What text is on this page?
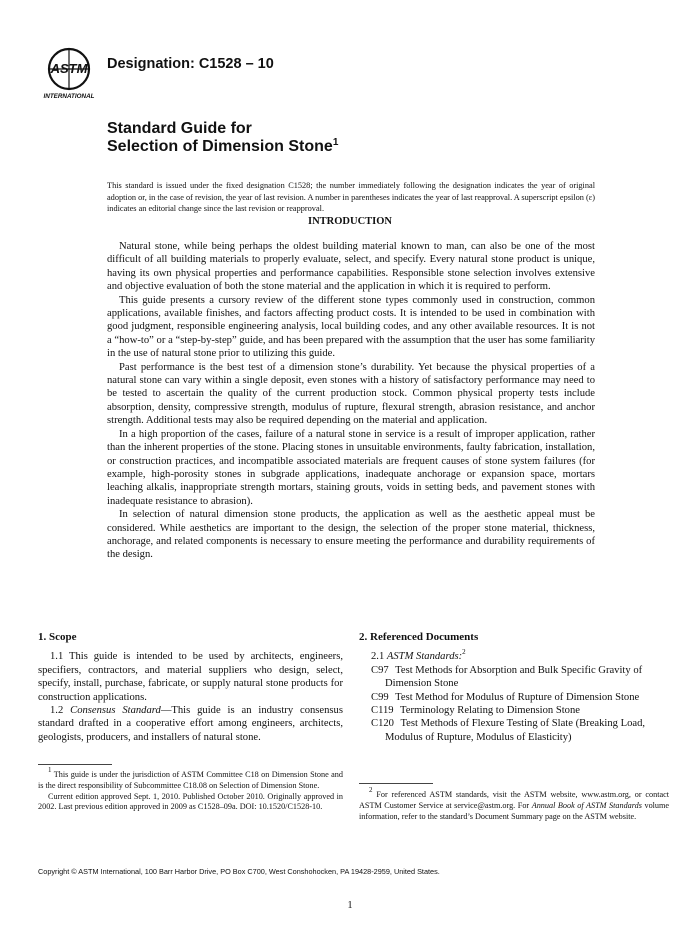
ASTM
INTERNATIONAL
Designation: C1528 – 10
Standard Guide for
Selection of Dimension Stone$^1$
This standard is issued under the fixed designation C1528; the number immediately following the designation indicates the year of original adoption or, in the case of revision, the year of last revision. A number in parentheses indicates the year of last reapproval. A superscript epsilon (ε) indicates an editorial change since the last revision or reapproval.
INTRODUCTION

Natural stone, while being perhaps the oldest building material known to man, can also be one of the most difficult of all building materials to properly evaluate, select, and specify. Every natural stone product is unique, having its own physical properties and performance capabilities. Responsible stone selection involves extensive and objective evaluation of both the stone material and the application in which it is required to perform.

This guide presents a cursory review of the different stone types commonly used in construction, common applications, available finishes, and factors affecting product costs. It is intended to be used in combination with good judgment, responsible engineering analysis, local building codes, and any other available resources. It is not a “how-to” or a “step-by-step” guide, and has been prepared with the assumption that the user has some familiarity in the use of natural stone prior to utilizing this guide.

Past performance is the best test of a dimension stone’s durability. Yet because the physical properties of a natural stone can vary within a single deposit, even stones with a history of satisfactory performance may need to be tested to ascertain the quality of the current production stock. Common physical property tests include absorption, density, compressive strength, modulus of rupture, flexural strength, abrasion resistance, and anchor strength. Additional tests may also be required depending on the material and application.

In a high proportion of the cases, failure of a natural stone in service is a result of improper application, rather than the inherent properties of the stone. Placing stones in unsuitable environments, faulty fabrication, installation, or construction practices, and incompatible associated materials are frequent causes of stone system failures (for example, high-porosity stones in subgrade applications, inadequate anchorage or expansion space, mortars leaching alkalis, inappropriate strength mortars, staining grouts, voids in setting beds, and pavement stones with inadequate resistance to abrasion).

In selection of natural dimension stone products, the application as well as the aesthetic appeal must be considered. While aesthetics are important to the design, the selection of the proper stone material, thickness, anchorage, and related components is necessary to ensure meeting the performance and durability requirements of the design.

1. Scope

1.1 This guide is intended to be used by architects, engineers, specifiers, contractors, and material suppliers who design, select, specify, install, purchase, fabricate, or supply natural stone products for construction applications.

1.2 Consensus Standard—This guide is an industry consensus standard drafted in a cooperative effort among engineers, architects, geologists, producers, and installers of natural stone.

2. Referenced Documents
2.1 ASTM Standards:$^2$
C97 Test Methods for Absorption and Bulk Specific Gravity of Dimension Stone
C99 Test Method for Modulus of Rupture of Dimension Stone
C119 Terminology Relating to Dimension Stone
C120 Test Methods of Flexure Testing of Slate (Breaking Load, Modulus of Rupture, Modulus of Elasticity)

$^1$ This guide is under the jurisdiction of ASTM Committee C18 on Dimension Stone and is the direct responsibility of Subcommittee C18.08 on Selection of Dimension Stone.

Current edition approved Sept. 1, 2010. Published October 2010. Originally approved in 2002. Last previous edition approved in 2009 as C1528–09a. DOI: 10.1520/C1528-10.

$^2$ For referenced ASTM standards, visit the ASTM website, www.astm.org, or contact ASTM Customer Service at service@astm.org. For Annual Book of ASTM Standards volume information, refer to the standard’s Document Summary page on the ASTM website.

Copyright © ASTM International, 100 Barr Harbor Drive, PO Box C700, West Conshohocken, PA 19428-2959, United States.
1
